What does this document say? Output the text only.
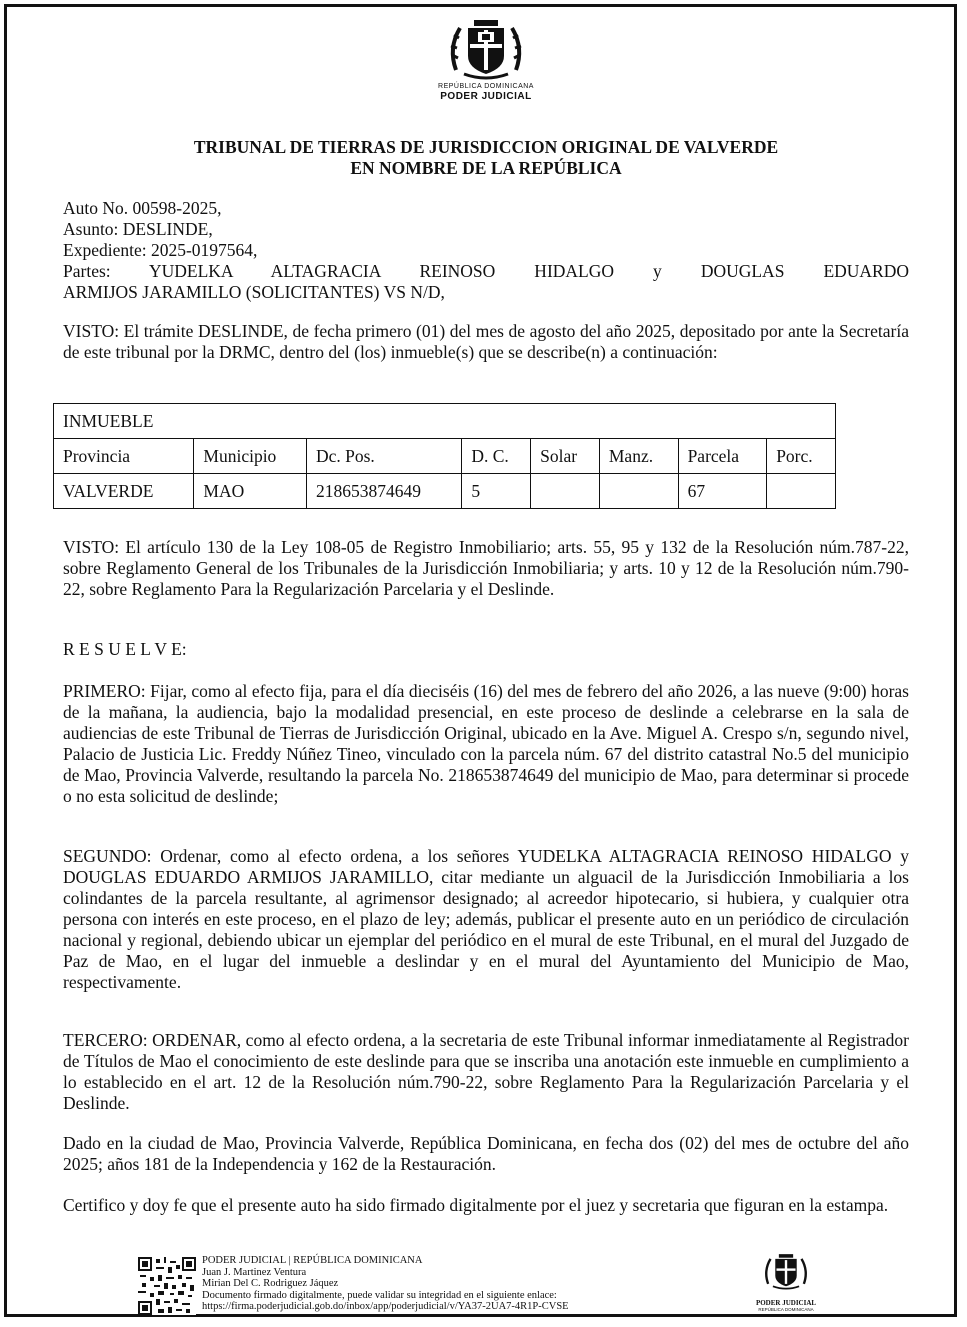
REPÚBLICA DOMINICANA
PODER JUDICIAL
TRIBUNAL DE TIERRAS DE JURISDICCION ORIGINAL DE VALVERDE
EN NOMBRE DE LA REPÚBLICA
Auto No. 00598-2025,
Asunto: DESLINDE,
Expediente: 2025-0197564,
Partes: YUDELKA ALTAGRACIA REINOSO HIDALGO y DOUGLAS EDUARDO
ARMIJOS JARAMILLO (SOLICITANTES) VS N/D,
VISTO: El trámite DESLINDE, de fecha primero (01) del mes de agosto del año 2025, depositado por ante la Secretaría de este tribunal por la DRMC, dentro del (los) inmueble(s) que se describe(n) a continuación:
INMUEBLE							
Provincia	Municipio	Dc. Pos.	D. C.	Solar	Manz.	Parcela	Porc.
VALVERDE	MAO	218653874649	5			67	
VISTO: El artículo 130 de la Ley 108-05 de Registro Inmobiliario; arts. 55, 95 y 132 de la Resolución núm.787-22, sobre Reglamento General de los Tribunales de la Jurisdicción Inmobiliaria; y arts. 10 y 12 de la Resolución núm.790-22, sobre Reglamento Para la Regularización Parcelaria y el Deslinde.
R E S U E L V E:
PRIMERO: Fijar, como al efecto fija, para el día dieciséis (16) del mes de febrero del año 2026, a las nueve (9:00) horas de la mañana, la audiencia, bajo la modalidad presencial, en este proceso de deslinde a celebrarse en la sala de audiencias de este Tribunal de Tierras de Jurisdicción Original, ubicado en la Ave. Miguel A. Crespo s/n, segundo nivel, Palacio de Justicia Lic. Freddy Núñez Tineo, vinculado con la parcela núm. 67 del distrito catastral No.5 del municipio de Mao, Provincia Valverde, resultando la parcela No. 218653874649 del municipio de Mao, para determinar si procede o no esta solicitud de deslinde;
SEGUNDO: Ordenar, como al efecto ordena, a los señores YUDELKA ALTAGRACIA REINOSO HIDALGO y DOUGLAS EDUARDO ARMIJOS JARAMILLO, citar mediante un alguacil de la Jurisdicción Inmobiliaria a los colindantes de la parcela resultante, al agrimensor designado; al acreedor hipotecario, si hubiera, y cualquier otra persona con interés en este proceso, en el plazo de ley; además, publicar el presente auto en un periódico de circulación nacional y regional, debiendo ubicar un ejemplar del periódico en el mural de este Tribunal, en el mural del Juzgado de Paz de Mao, en el lugar del inmueble a deslindar y en el mural del Ayuntamiento del Municipio de Mao, respectivamente.
TERCERO: ORDENAR, como al efecto ordena, a la secretaria de este Tribunal informar inmediatamente al Registrador de Títulos de Mao el conocimiento de este deslinde para que se inscriba una anotación este inmueble en cumplimiento a lo establecido en el art. 12 de la Resolución núm.790-22, sobre Reglamento Para la Regularización Parcelaria y el Deslinde.
Dado en la ciudad de Mao, Provincia Valverde, República Dominicana, en fecha dos (02) del mes de octubre del año 2025; años 181 de la Independencia y 162 de la Restauración.
Certifico y doy fe que el presente auto ha sido firmado digitalmente por el juez y secretaria que figuran en la estampa.
PODER JUDICIAL | REPÚBLICA DOMINICANA
Juan J. Martinez Ventura
Mirian Del C. Rodriguez Jáquez
Documento firmado digitalmente, puede validar su integridad en el siguiente enlace:
https://firma.poderjudicial.gob.do/inbox/app/poderjudicial/v/YA37-2UA7-4R1P-CVSE	PODER JUDICIAL
REPÚBLICA DOMINICANA
